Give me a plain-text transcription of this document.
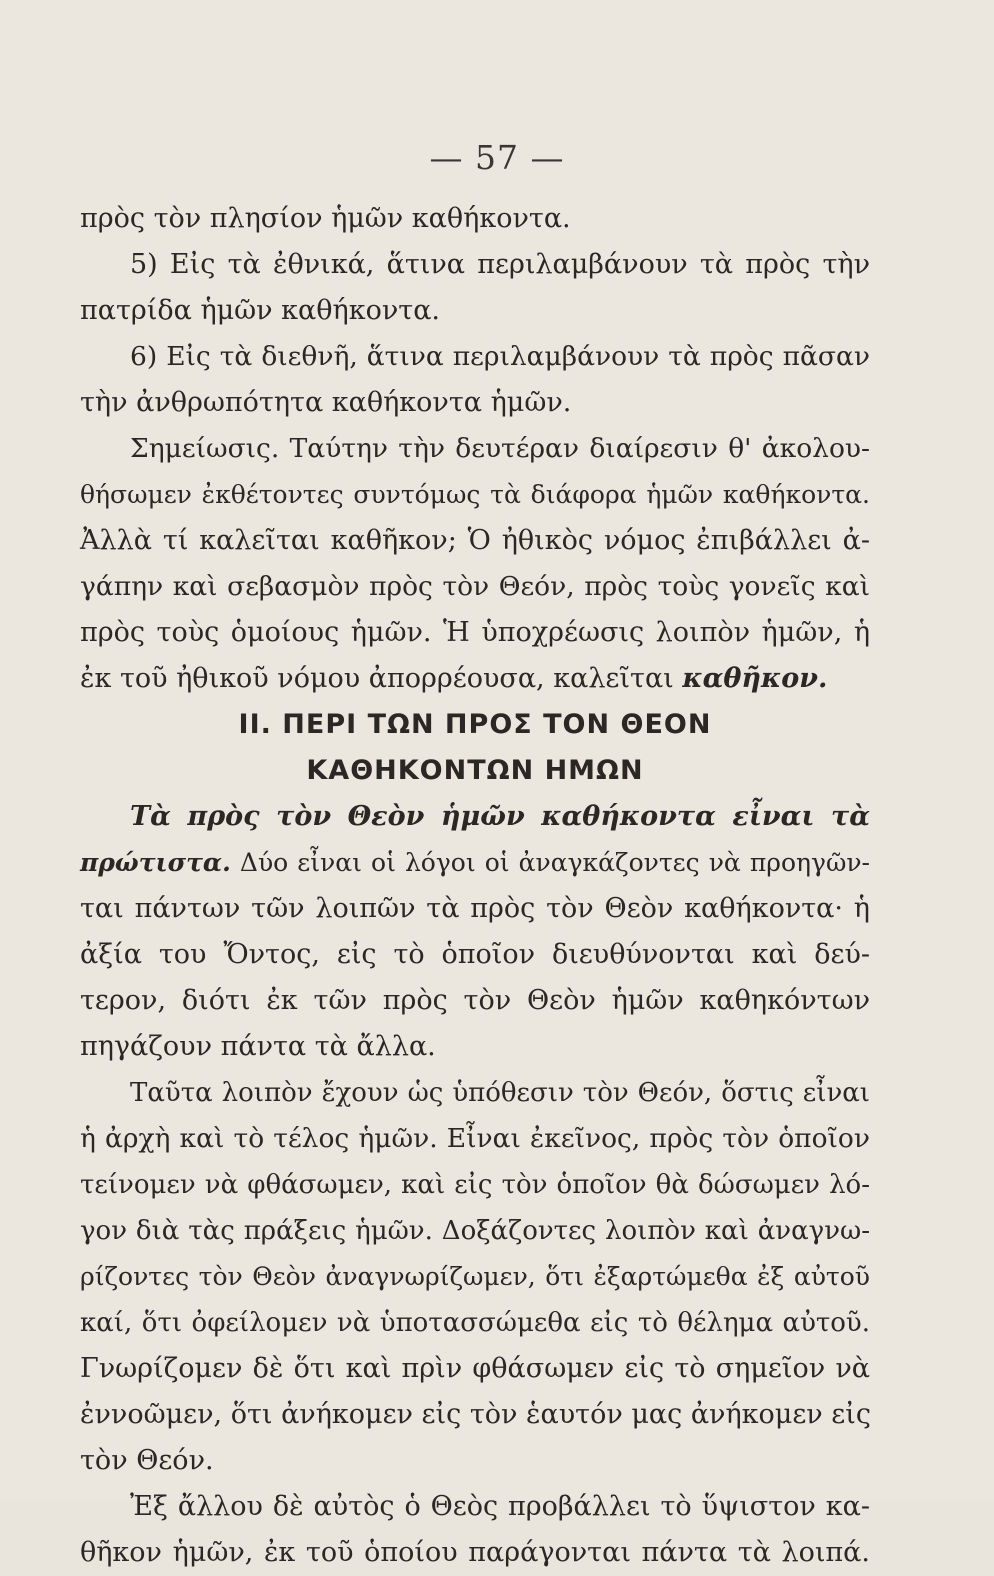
— 57 —
πρὸς τὸν πλησίον ἡμῶν καθήκοντα.
5) Εἰς τὰ ἐθνικά, ἅτινα περιλαμβάνουν τὰ πρὸς τὴν
πατρίδα ἡμῶν καθήκοντα.
6) Εἰς τὰ διεθνῆ, ἅτινα περιλαμβάνουν τὰ πρὸς πᾶσαν
τὴν ἀνθρωπότητα καθήκοντα ἡμῶν.
Σημείωσις. Ταύτην τὴν δευτέραν διαίρεσιν θ' ἀκολου-
θήσωμεν ἐκθέτοντες συντόμως τὰ διάφορα ἡμῶν καθήκοντα.
Ἀλλὰ τί καλεῖται καθῆκον; Ὁ ἠθικὸς νόμος ἐπιβάλλει ἀ-
γάπην καὶ σεβασμὸν πρὸς τὸν Θεόν, πρὸς τοὺς γονεῖς καὶ
πρὸς τοὺς ὁμοίους ἡμῶν. Ἡ ὑποχρέωσις λοιπὸν ἡμῶν, ἡ
ἐκ τοῦ ἠθικοῦ νόμου ἀπορρέουσα, καλεῖται καθῆκον.
II. ΠΕΡΙ ΤΩΝ ΠΡΟΣ ΤΟΝ ΘΕΟΝ
ΚΑΘΗΚΟΝΤΩΝ ΗΜΩΝ
Τὰ πρὸς τὸν Θεὸν ἡμῶν καθήκοντα εἶναι τὰ
πρώτιστα. Δύο εἶναι οἱ λόγοι οἱ ἀναγκάζοντες νὰ προηγῶν-
ται πάντων τῶν λοιπῶν τὰ πρὸς τὸν Θεὸν καθήκοντα· ἡ
ἀξία του Ὄντος, εἰς τὸ ὁποῖον διευθύνονται καὶ δεύ-
τερον, διότι ἐκ τῶν πρὸς τὸν Θεὸν ἡμῶν καθηκόντων
πηγάζουν πάντα τὰ ἄλλα.
Ταῦτα λοιπὸν ἔχουν ὡς ὑπόθεσιν τὸν Θεόν, ὅστις εἶναι
ἡ ἀρχὴ καὶ τὸ τέλος ἡμῶν. Εἶναι ἐκεῖνος, πρὸς τὸν ὁποῖον
τείνομεν νὰ φθάσωμεν, καὶ εἰς τὸν ὁποῖον θὰ δώσωμεν λό-
γον διὰ τὰς πράξεις ἡμῶν. Δοξάζοντες λοιπὸν καὶ ἀναγνω-
ρίζοντες τὸν Θεὸν ἀναγνωρίζωμεν, ὅτι ἐξαρτώμεθα ἐξ αὐτοῦ
καί, ὅτι ὀφείλομεν νὰ ὑποτασσώμεθα εἰς τὸ θέλημα αὐτοῦ.
Γνωρίζομεν δὲ ὅτι καὶ πρὶν φθάσωμεν εἰς τὸ σημεῖον νὰ
ἐννοῶμεν, ὅτι ἀνήκομεν εἰς τὸν ἑαυτόν μας ἀνήκομεν εἰς
τὸν Θεόν.
Ἐξ ἄλλου δὲ αὐτὸς ὁ Θεὸς προβάλλει τὸ ὕψιστον κα-
θῆκον ἡμῶν, ἐκ τοῦ ὁποίου παράγονται πάντα τὰ λοιπά.
